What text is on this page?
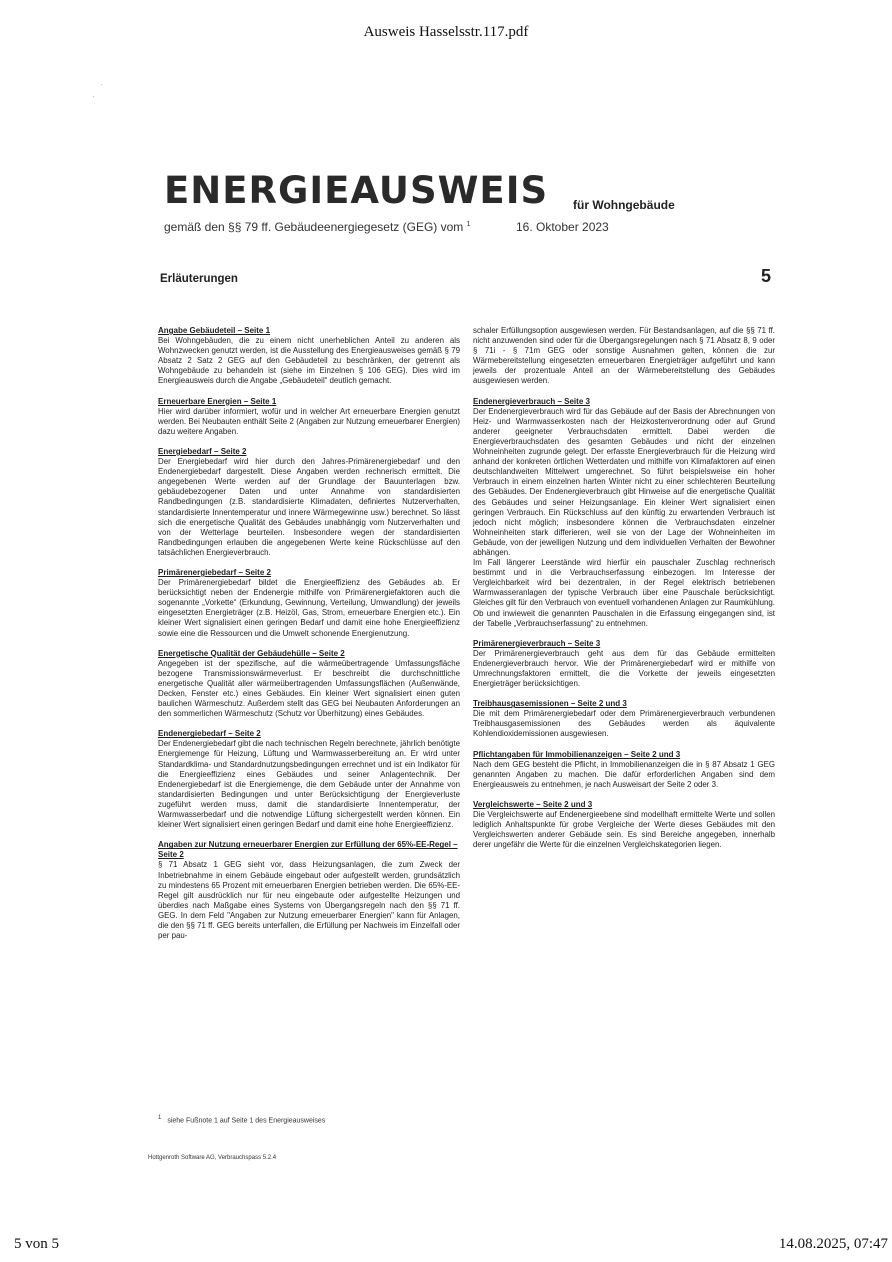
Ausweis Hasselsstr.117.pdf
·
·
ENERGIEAUSWEIS für Wohngebäude
gemäß den §§ 79 ff. Gebäudeenergiegesetz (GEG) vom $^1$	16. Oktober 2023
Erläuterungen	5
Angabe Gebäudeteil – Seite 1

Bei Wohngebäuden, die zu einem nicht unerheblichen Anteil zu anderen als Wohnzwecken genutzt werden, ist die Ausstellung des Energieausweises gemäß § 79 Absatz 2 Satz 2 GEG auf den Gebäudeteil zu beschränken, der getrennt als Wohngebäude zu behandeln ist (siehe im Einzelnen § 106 GEG). Dies wird im Energieausweis durch die Angabe „Gebäudeteil“ deutlich gemacht.

Erneuerbare Energien – Seite 1

Hier wird darüber informiert, wofür und in welcher Art erneuerbare Energien genutzt werden. Bei Neubauten enthält Seite 2 (Angaben zur Nutzung erneuerbarer Energien) dazu weitere Angaben.

Energiebedarf – Seite 2

Der Energiebedarf wird hier durch den Jahres-Primärenergiebedarf und den Endenergiebedarf dargestellt. Diese Angaben werden rechnerisch ermittelt. Die angegebenen Werte werden auf der Grundlage der Bauunterlagen bzw. gebäudebezogener Daten und unter Annahme von standardisierten Randbedingungen (z.B. standardisierte Klimadaten, definiertes Nutzerverhalten, standardisierte Innentemperatur und innere Wärmegewinne usw.) berechnet. So lässt sich die energetische Qualität des Gebäudes unabhängig vom Nutzerverhalten und von der Wetterlage beurteilen. Insbesondere wegen der standardisierten Randbedingungen erlauben die angegebenen Werte keine Rückschlüsse auf den tatsächlichen Energieverbrauch.

Primärenergiebedarf – Seite 2

Der Primärenergiebedarf bildet die Energieeffizienz des Gebäudes ab. Er berücksichtigt neben der Endenergie mithilfe von Primärenergiefaktoren auch die sogenannte „Vorkette“ (Erkundung, Gewinnung, Verteilung, Umwandlung) der jeweils eingesetzten Energieträger (z.B. Heizöl, Gas, Strom, erneuerbare Energien etc.). Ein kleiner Wert signalisiert einen geringen Bedarf und damit eine hohe Energieeffizienz sowie eine die Ressourcen und die Umwelt schonende Energienutzung.

Energetische Qualität der Gebäudehülle – Seite 2

Angegeben ist der spezifische, auf die wärmeübertragende Umfassungsfläche bezogene Transmissionswärmeverlust. Er beschreibt die durchschnittliche energetische Qualität aller wärmeübertragenden Umfassungsflächen (Außenwände, Decken, Fenster etc.) eines Gebäudes. Ein kleiner Wert signalisiert einen guten baulichen Wärmeschutz. Außerdem stellt das GEG bei Neubauten Anforderungen an den sommerlichen Wärmeschutz (Schutz vor Überhitzung) eines Gebäudes.

Endenergiebedarf – Seite 2

Der Endenergiebedarf gibt die nach technischen Regeln berechnete, jährlich benötigte Energiemenge für Heizung, Lüftung und Warmwasserbereitung an. Er wird unter Standardklima- und Standardnutzungsbedingungen errechnet und ist ein Indikator für die Energieeffizienz eines Gebäudes und seiner Anlagentechnik. Der Endenergiebedarf ist die Energiemenge, die dem Gebäude unter der Annahme von standardisierten Bedingungen und unter Berücksichtigung der Energieverluste zugeführt werden muss, damit die standardisierte Innentemperatur, der Warmwasserbedarf und die notwendige Lüftung sichergestellt werden können. Ein kleiner Wert signalisiert einen geringen Bedarf und damit eine hohe Energieeffizienz.

Angaben zur Nutzung erneuerbarer Energien zur Erfüllung der 65%-EE-Regel – Seite 2

§ 71 Absatz 1 GEG sieht vor, dass Heizungsanlagen, die zum Zweck der Inbetriebnahme in einem Gebäude eingebaut oder aufgestellt werden, grundsätzlich zu mindestens 65 Prozent mit erneuerbaren Energien betrieben werden. Die 65%-EE-Regel gilt ausdrücklich nur für neu eingebaute oder aufgestellte Heizungen und überdies nach Maßgabe eines Systems von Übergangsregeln nach den §§ 71 ff. GEG. In dem Feld "Angaben zur Nutzung erneuerbarer Energien" kann für Anlagen, die den §§ 71 ff. GEG bereits unterfallen, die Erfüllung per Nachweis im Einzelfall oder per pau-

schaler Erfüllungsoption ausgewiesen werden. Für Bestandsanlagen, auf die §§ 71 ff. nicht anzuwenden sind oder für die Übergangsregelungen nach § 71 Absatz 8, 9 oder § 71i - § 71m GEG oder sonstige Ausnahmen gelten, können die zur Wärmebereitstellung eingesetzten erneuerbaren Energieträger aufgeführt und kann jeweils der prozentuale Anteil an der Wärmebereitstellung des Gebäudes ausgewiesen werden.

Endenergieverbrauch – Seite 3

Der Endenergieverbrauch wird für das Gebäude auf der Basis der Abrechnungen von Heiz- und Warmwasserkosten nach der Heizkostenverordnung oder auf Grund anderer geeigneter Verbrauchsdaten ermittelt. Dabei werden die Energieverbrauchsdaten des gesamten Gebäudes und nicht der einzelnen Wohneinheiten zugrunde gelegt. Der erfasste Energieverbrauch für die Heizung wird anhand der konkreten örtlichen Wetterdaten und mithilfe von Klimafaktoren auf einen deutschlandweiten Mittelwert umgerechnet. So führt beispielsweise ein hoher Verbrauch in einem einzelnen harten Winter nicht zu einer schlechteren Beurteilung des Gebäudes. Der Endenergieverbrauch gibt Hinweise auf die energetische Qualität des Gebäudes und seiner Heizungsanlage. Ein kleiner Wert signalisiert einen geringen Verbrauch. Ein Rückschluss auf den künftig zu erwartenden Verbrauch ist jedoch nicht möglich; insbesondere können die Verbrauchsdaten einzelner Wohneinheiten stark differieren, weil sie von der Lage der Wohneinheiten im Gebäude, von der jeweiligen Nutzung und dem individuellen Verhalten der Bewohner abhängen.

Im Fall längerer Leerstände wird hierfür ein pauschaler Zuschlag rechnerisch bestimmt und in die Verbrauchserfassung einbezogen. Im Interesse der Vergleichbarkeit wird bei dezentralen, in der Regel elektrisch betriebenen Warmwasseranlagen der typische Verbrauch über eine Pauschale berücksichtigt. Gleiches gilt für den Verbrauch von eventuell vorhandenen Anlagen zur Raumkühlung. Ob und inwieweit die genannten Pauschalen in die Erfassung eingegangen sind, ist der Tabelle „Verbrauchserfassung“ zu entnehmen.

Primärenergieverbrauch – Seite 3

Der Primärenergieverbrauch geht aus dem für das Gebäude ermittelten Endenergieverbrauch hervor. Wie der Primärenergiebedarf wird er mithilfe von Umrechnungsfaktoren ermittelt, die die Vorkette der jeweils eingesetzten Energieträger berücksichtigen.

Treibhausgasemissionen – Seite 2 und 3

Die mit dem Primärenergiebedarf oder dem Primärenergieverbrauch verbundenen Treibhausgasemissionen des Gebäudes werden als äquivalente Kohlendioxidemissionen ausgewiesen.

Pflichtangaben für Immobilienanzeigen – Seite 2 und 3

Nach dem GEG besteht die Pflicht, in Immobilienanzeigen die in § 87 Absatz 1 GEG genannten Angaben zu machen. Die dafür erforderlichen Angaben sind dem Energieausweis zu entnehmen, je nach Ausweisart der Seite 2 oder 3.

Vergleichswerte – Seite 2 und 3

Die Vergleichswerte auf Endenergieebene sind modellhaft ermittelte Werte und sollen lediglich Anhaltspunkte für grobe Vergleiche der Werte dieses Gebäudes mit den Vergleichswerten anderer Gebäude sein. Es sind Bereiche angegeben, innerhalb derer ungefähr die Werte für die einzelnen Vergleichskategorien liegen.

1 siehe Fußnote 1 auf Seite 1 des Energieausweises
Hottgenroth Software AG, Verbrauchspass 5.2.4
5 von 5	14.08.2025, 07:47
